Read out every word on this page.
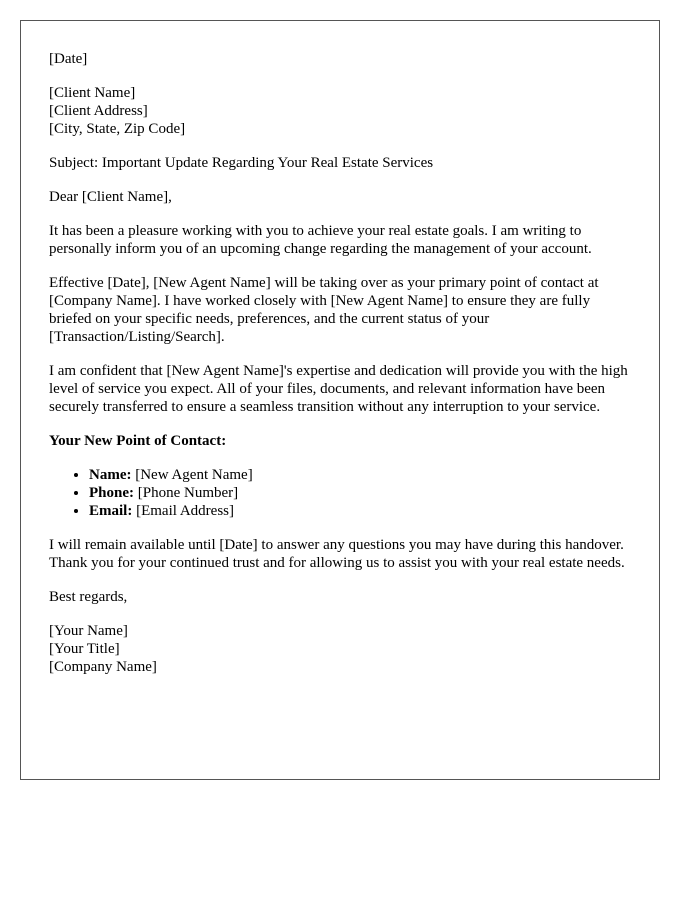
[Date]

[Client Name]
[Client Address]
[City, State, Zip Code]

Subject: Important Update Regarding Your Real Estate Services

Dear [Client Name],

It has been a pleasure working with you to achieve your real estate goals. I am writing to personally inform you of an upcoming change regarding the management of your account.

Effective [Date], [New Agent Name] will be taking over as your primary point of contact at [Company Name]. I have worked closely with [New Agent Name] to ensure they are fully briefed on your specific needs, preferences, and the current status of your [Transaction/Listing/Search].

I am confident that [New Agent Name]'s expertise and dedication will provide you with the high level of service you expect. All of your files, documents, and relevant information have been securely transferred to ensure a seamless transition without any interruption to your service.

Your New Point of Contact:

• Name: [New Agent Name]
• Phone: [Phone Number]
• Email: [Email Address]

I will remain available until [Date] to answer any questions you may have during this handover. Thank you for your continued trust and for allowing us to assist you with your real estate needs.

Best regards,

[Your Name]
[Your Title]
[Company Name]
